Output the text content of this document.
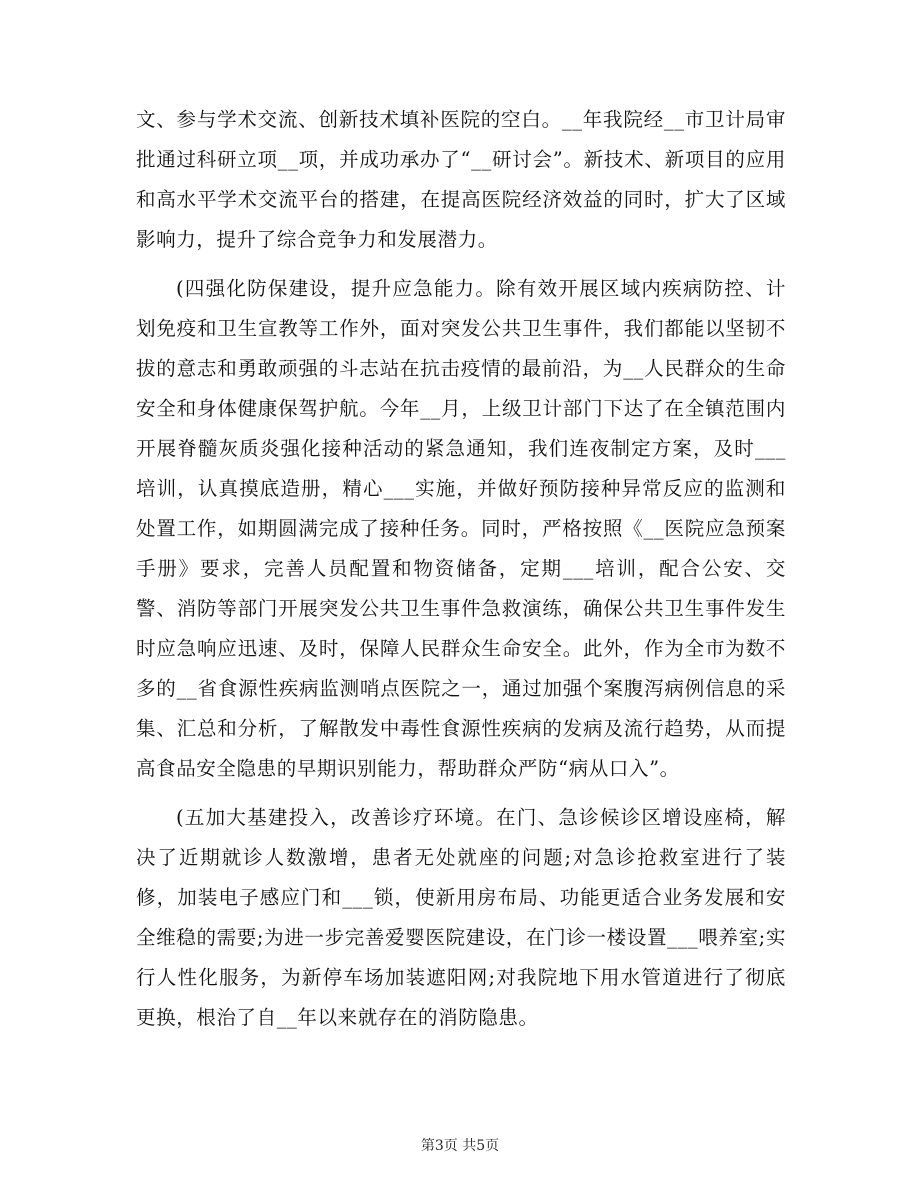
文、参与学术交流、创新技术填补医院的空白。__年我院经__市卫计局审批通过科研立项__项，并成功承办了“__研讨会”。新技术、新项目的应用和高水平学术交流平台的搭建，在提高医院经济效益的同时，扩大了区域影响力，提升了综合竞争力和发展潜力。

(四强化防保建设，提升应急能力。除有效开展区域内疾病防控、计划免疫和卫生宣教等工作外，面对突发公共卫生事件，我们都能以坚韧不拔的意志和勇敢顽强的斗志站在抗击疫情的最前沿，为__人民群众的生命安全和身体健康保驾护航。今年__月，上级卫计部门下达了在全镇范围内开展脊髓灰质炎强化接种活动的紧急通知，我们连夜制定方案，及时___培训，认真摸底造册，精心___实施，并做好预防接种异常反应的监测和处置工作，如期圆满完成了接种任务。同时，严格按照《__医院应急预案手册》要求，完善人员配置和物资储备，定期___培训，配合公安、交警、消防等部门开展突发公共卫生事件急救演练，确保公共卫生事件发生时应急响应迅速、及时，保障人民群众生命安全。此外，作为全市为数不多的__省食源性疾病监测哨点医院之一，通过加强个案腹泻病例信息的采集、汇总和分析，了解散发中毒性食源性疾病的发病及流行趋势，从而提高食品安全隐患的早期识别能力，帮助群众严防“病从口入”。

(五加大基建投入，改善诊疗环境。在门、急诊候诊区增设座椅，解决了近期就诊人数激增，患者无处就座的问题;对急诊抢救室进行了装修，加装电子感应门和___锁，使新用房布局、功能更适合业务发展和安全维稳的需要;为进一步完善爱婴医院建设，在门诊一楼设置___喂养室;实行人性化服务，为新停车场加装遮阳网;对我院地下用水管道进行了彻底更换，根治了自__年以来就存在的消防隐患。

第3页 共5页
